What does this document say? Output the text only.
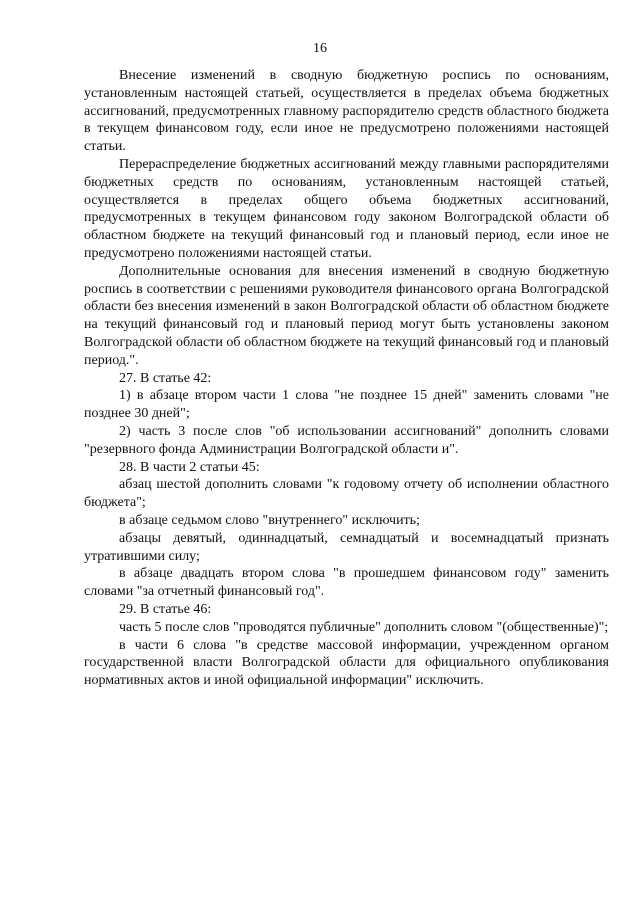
16

Внесение изменений в сводную бюджетную роспись по основаниям, установленным настоящей статьей, осуществляется в пределах объема бюджетных ассигнований, предусмотренных главному распорядителю средств областного бюджета в текущем финансовом году, если иное не предусмотрено положениями настоящей статьи.

Перераспределение бюджетных ассигнований между главными распорядителями бюджетных средств по основаниям, установленным настоящей статьей, осуществляется в пределах общего объема бюджетных ассигнований, предусмотренных в текущем финансовом году законом Волгоградской области об областном бюджете на текущий финансовый год и плановый период, если иное не предусмотрено положениями настоящей статьи.

Дополнительные основания для внесения изменений в сводную бюджетную роспись в соответствии с решениями руководителя финансового органа Волгоградской области без внесения изменений в закон Волгоградской области об областном бюджете на текущий финансовый год и плановый период могут быть установлены законом Волгоградской области об областном бюджете на текущий финансовый год и плановый период.".

27. В статье 42:

1) в абзаце втором части 1 слова "не позднее 15 дней" заменить словами "не позднее 30 дней";

2) часть 3 после слов "об использовании ассигнований" дополнить словами "резервного фонда Администрации Волгоградской области и".

28. В части 2 статьи 45:

абзац шестой дополнить словами "к годовому отчету об исполнении областного бюджета";

в абзаце седьмом слово "внутреннего" исключить;

абзацы девятый, одиннадцатый, семнадцатый и восемнадцатый признать утратившими силу;

в абзаце двадцать втором слова "в прошедшем финансовом году" заменить словами "за отчетный финансовый год".

29. В статье 46:

часть 5 после слов "проводятся публичные" дополнить словом "(общественные)";

в части 6 слова "в средстве массовой информации, учрежденном органом государственной власти Волгоградской области для официального опубликования нормативных актов и иной официальной информации" исключить.
